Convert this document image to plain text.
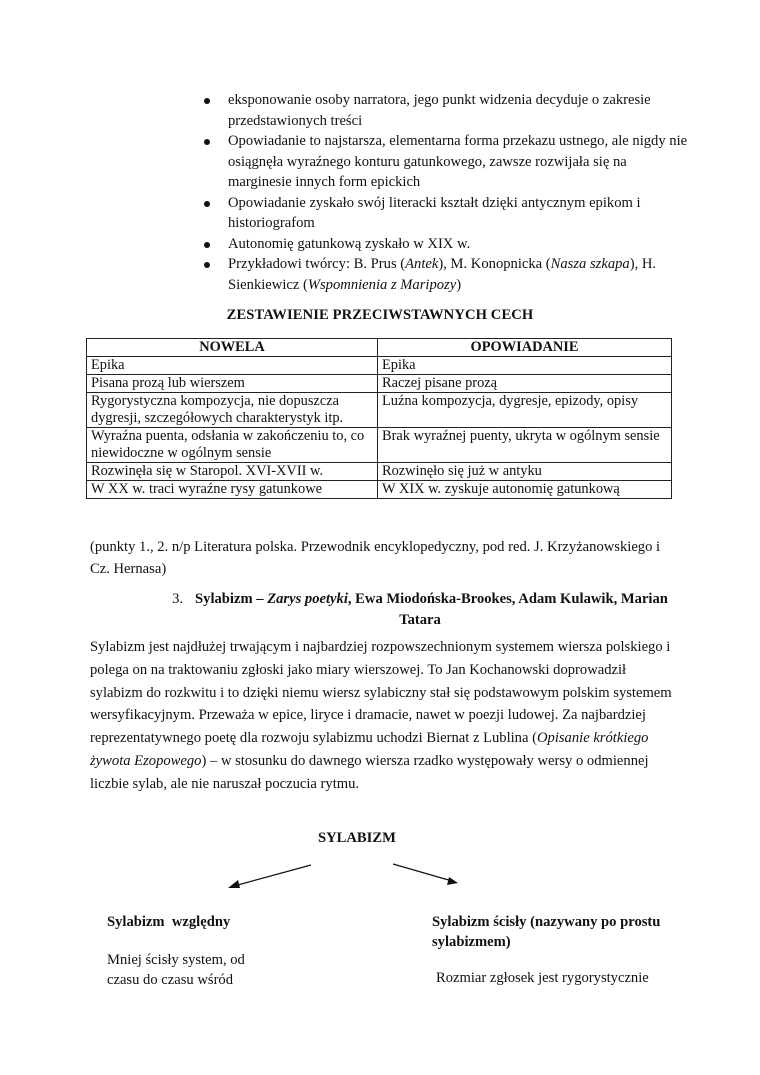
eksponowanie osoby narratora, jego punkt widzenia decyduje o zakresie przedstawionych treści
Opowiadanie to najstarsza, elementarna forma przekazu ustnego, ale nigdy nie osiągnęła wyraźnego konturu gatunkowego, zawsze rozwijała się na marginesie innych form epickich
Opowiadanie zyskało swój literacki kształt dzięki antycznym epikom i historiografom
Autonomię gatunkową zyskało w XIX w.
Przykładowi twórcy: B. Prus (Antek), M. Konopnicka (Nasza szkapa), H. Sienkiewicz (Wspomnienia z Maripozy)
ZESTAWIENIE PRZECIWSTAWNYCH CECH
NOWELA	OPOWIADANIE
Epika	Epika
Pisana prozą lub wierszem	Raczej pisane prozą
Rygorystyczna kompozycja, nie dopuszcza dygresji, szczegółowych charakterystyk itp.	Luźna kompozycja, dygresje, epizody, opisy
Wyraźna puenta, odsłania w zakończeniu to, co niewidoczne w ogólnym sensie	Brak wyraźnej puenty, ukryta w ogólnym sensie
Rozwinęła się w Staropol. XVI-XVII w.	Rozwinęło się już w antyku
W XX w. traci wyraźne rysy gatunkowe	W XIX w. zyskuje autonomię gatunkową

(punkty 1., 2. n/p Literatura polska. Przewodnik encyklopedyczny, pod red. J. Krzyżanowskiego i Cz. Hernasa)

3. Sylabizm – Zarys poetyki, Ewa Miodońska-Brookes, Adam Kulawik, Marian Tatara

Sylabizm jest najdłużej trwającym i najbardziej rozpowszechnionym systemem wiersza polskiego i polega on na traktowaniu zgłoski jako miary wierszowej. To Jan Kochanowski doprowadził sylabizm do rozkwitu i to dzięki niemu wiersz sylabiczny stał się podstawowym polskim systemem wersyfikacyjnym. Przeważa w epice, liryce i dramacie, nawet w poezji ludowej. Za najbardziej reprezentatywnego poetę dla rozwoju sylabizmu uchodzi Biernat z Lublina (Opisanie krótkiego żywota Ezopowego) – w stosunku do dawnego wiersza rzadko występowały wersy o odmiennej liczbie sylab, ale nie naruszał poczucia rytmu.

SYLABIZM
Sylabizm  względny
Mniej ścisły system, od czasu do czasu wśród
Sylabizm ścisły (nazywany po prostu sylabizmem)
Rozmiar zgłosek jest rygorystycznie
